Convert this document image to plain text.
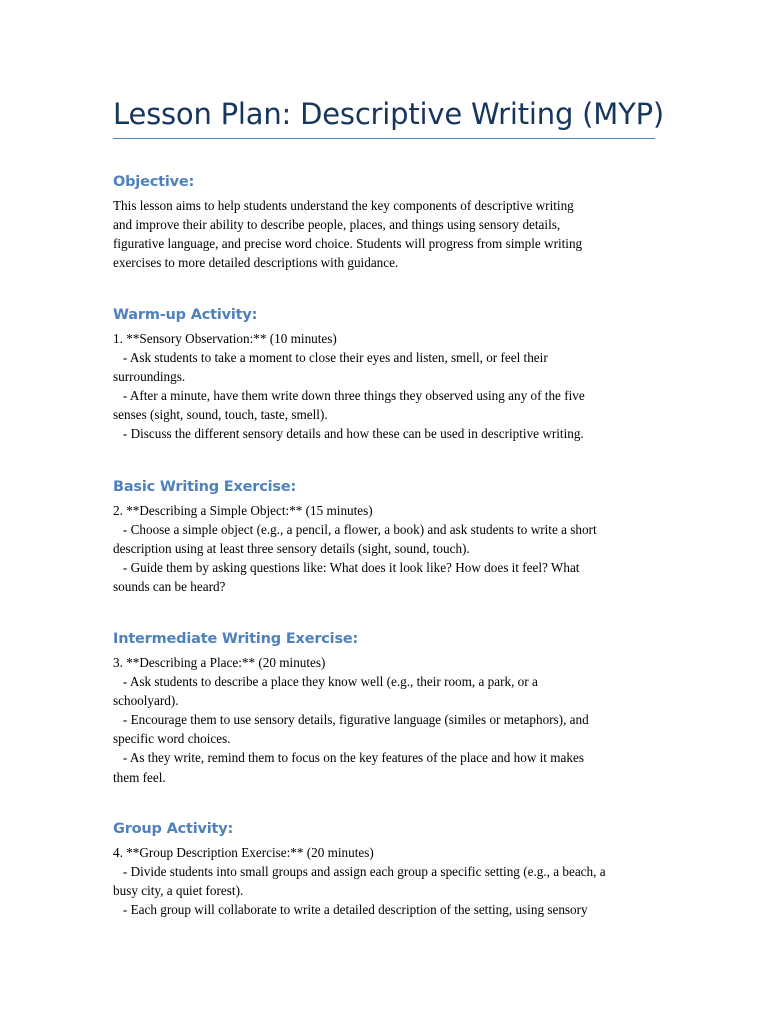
Lesson Plan: Descriptive Writing (MYP)
Objective:

This lesson aims to help students understand the key components of descriptive writing
and improve their ability to describe people, places, and things using sensory details,
figurative language, and precise word choice. Students will progress from simple writing
exercises to more detailed descriptions with guidance.

Warm-up Activity:

1. **Sensory Observation:** (10 minutes)
- Ask students to take a moment to close their eyes and listen, smell, or feel their
surroundings.
- After a minute, have them write down three things they observed using any of the five
senses (sight, sound, touch, taste, smell).
- Discuss the different sensory details and how these can be used in descriptive writing.

Basic Writing Exercise:

2. **Describing a Simple Object:** (15 minutes)
- Choose a simple object (e.g., a pencil, a flower, a book) and ask students to write a short
description using at least three sensory details (sight, sound, touch).
- Guide them by asking questions like: What does it look like? How does it feel? What
sounds can be heard?

Intermediate Writing Exercise:

3. **Describing a Place:** (20 minutes)
- Ask students to describe a place they know well (e.g., their room, a park, or a
schoolyard).
- Encourage them to use sensory details, figurative language (similes or metaphors), and
specific word choices.
- As they write, remind them to focus on the key features of the place and how it makes
them feel.

Group Activity:

4. **Group Description Exercise:** (20 minutes)
- Divide students into small groups and assign each group a specific setting (e.g., a beach, a
busy city, a quiet forest).
- Each group will collaborate to write a detailed description of the setting, using sensory
